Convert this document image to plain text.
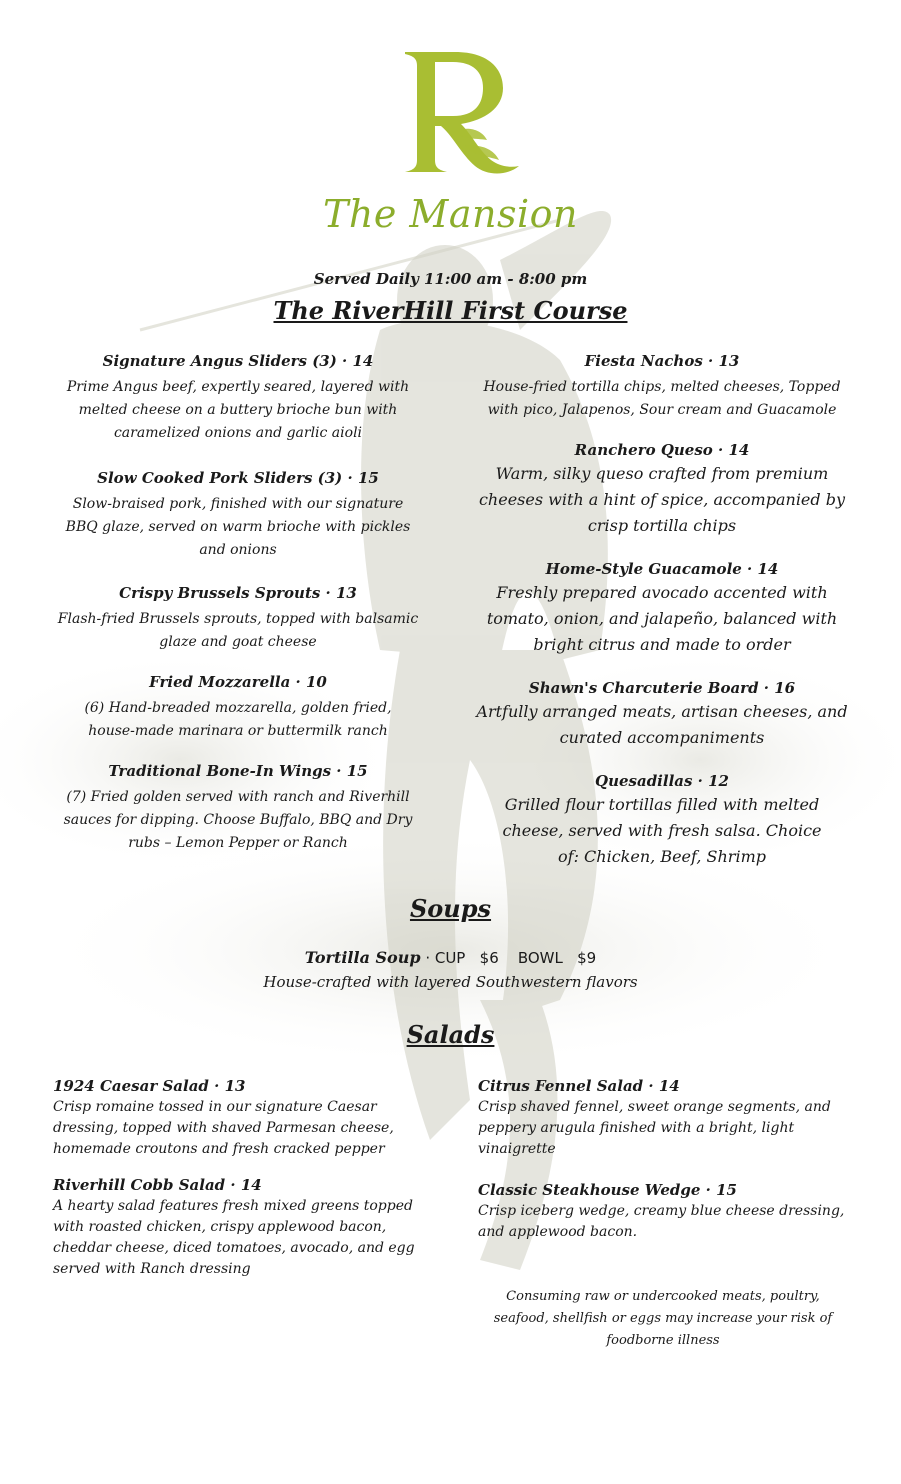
The Mansion
Served Daily 11:00 am - 8:00 pm
The RiverHill First Course
Signature Angus Sliders (3) · 14
Prime Angus beef, expertly seared, layered with melted cheese on a buttery brioche bun with caramelized onions and garlic aioli
Slow Cooked Pork Sliders (3) · 15
Slow-braised pork, finished with our signature BBQ glaze, served on warm brioche with pickles and onions
Crispy Brussels Sprouts · 13
Flash-fried Brussels sprouts, topped with balsamic glaze and goat cheese
Fried Mozzarella · 10
(6) Hand-breaded mozzarella, golden fried, house-made marinara or buttermilk ranch
Traditional Bone-In Wings · 15
(7) Fried golden served with ranch and Riverhill sauces for dipping. Choose Buffalo, BBQ and Dry rubs – Lemon Pepper or Ranch
Fiesta Nachos · 13
House-fried tortilla chips, melted cheeses, Topped with pico, Jalapenos, Sour cream and Guacamole
Ranchero Queso · 14
Warm, silky queso crafted from premium cheeses with a hint of spice, accompanied by crisp tortilla chips
Home-Style Guacamole · 14
Freshly prepared avocado accented with tomato, onion, and jalapeño, balanced with bright citrus and made to order
Shawn's Charcuterie Board · 16
Artfully arranged meats, artisan cheeses, and curated accompaniments
Quesadillas · 12
Grilled flour tortillas filled with melted cheese, served with fresh salsa. Choice of: Chicken, Beef, Shrimp
Soups
Tortilla Soup · CUP   $6    BOWL   $9
House-crafted with layered Southwestern flavors
Salads
1924 Caesar Salad · 13
Crisp romaine tossed in our signature Caesar dressing, topped with shaved Parmesan cheese, homemade croutons and fresh cracked pepper
Riverhill Cobb Salad · 14
A hearty salad features fresh mixed greens topped with roasted chicken, crispy applewood bacon, cheddar cheese, diced tomatoes, avocado, and egg served with Ranch dressing
Citrus Fennel Salad · 14
Crisp shaved fennel, sweet orange segments, and peppery arugula finished with a bright, light vinaigrette
Classic Steakhouse Wedge · 15
Crisp iceberg wedge, creamy blue cheese dressing, and applewood bacon.
Consuming raw or undercooked meats, poultry, seafood, shellfish or eggs may increase your risk of foodborne illness
